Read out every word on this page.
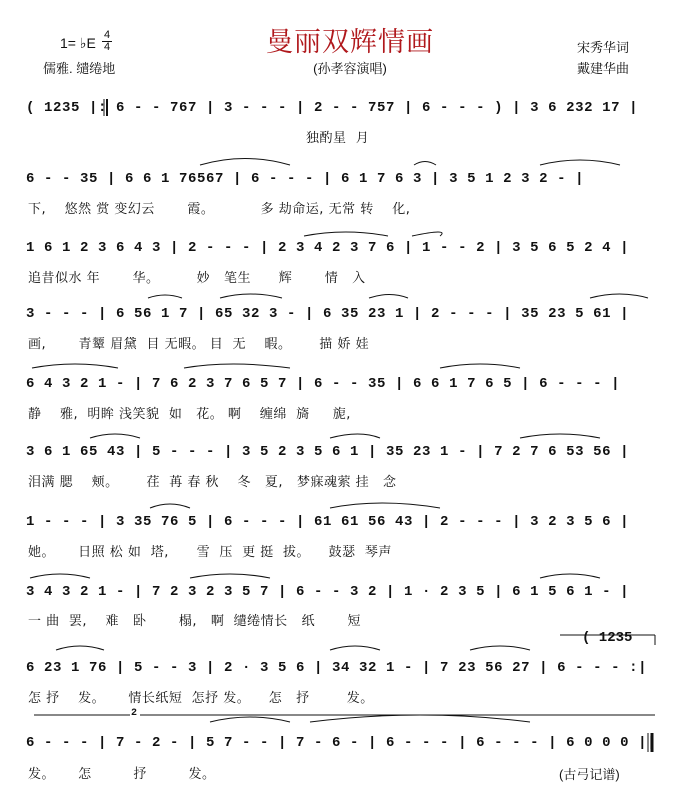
曼丽双辉情画
(孙孝容演唱)
1= ♭E 4
4
儒雅. 缱绻地
宋秀华词
戴建华曲
( 1235 |: 6 - - 767 | 3 - - - | 2 - - 757 | 6 - - - ) | 3 6 232 17 |
独酌星  月
6 - - 35 | 6 6 1 76567 | 6 - - - | 6 1 7 6 3 | 3 5 1 2 3 2 - |
下,    悠然 赏 变幻云       霞。          多 劫命运, 无常 转    化,
1 6 1 2 3 6 4 3 | 2 - - - | 2 3 4 2 3 7 6 | 1 - - 2 | 3 5 6 5 2 4 |
追昔似水 年       华。        妙   笔生      辉       情   入
3 - - - | 6 56 1 7 | 65 32 3 - | 6 35 23 1 | 2 - - - | 35 23 5 61 |
画,       青颦 眉黛  目 无暇。 目  无    暇。      描 娇 娃
6 4 3 2 1 - | 7 6 2 3 7 6 5 7 | 6 - - 35 | 6 6 1 7 6 5 | 6 - - - |
静    雅,  明眸 浅笑貌  如   花。 啊    缠绵  旖     旎,
3 6 1 65 43 | 5 - - - | 3 5 2 3 5 6 1 | 35 23 1 - | 7 2 7 6 53 56 |
泪满 腮    颊。      荏  苒 春 秋    冬   夏,   梦寐魂萦 挂   念
1 - - - | 3 35 76 5 | 6 - - - | 61 61 56 43 | 2 - - - | 3 2 3 5 6 |
她。     日照 松 如  塔,      雪  压  更 挺  拔。    鼓瑟  琴声
3 4 3 2 1 - | 7 2 3 2 3 5 7 | 6 - - 3 2 | 1 · 2 3 5 | 6 1 5 6 1 - |
一 曲  罢,    难   卧       榻,   啊  缱绻情长   纸       短
( 1235
6 23 1 76 | 5 - - 3 | 2 · 3 5 6 | 34 32 1 - | 7 23 56 27 | 6 - - - :|
怎 抒    发。     情长纸短  怎抒 发。    怎   抒        发。
2
6 - - - | 7 - 2 - | 5 7 - - | 7 - 6 - | 6 - - - | 6 - - - | 6 0 0 0 ||
发。     怎         抒         发。	(古弓记谱)
